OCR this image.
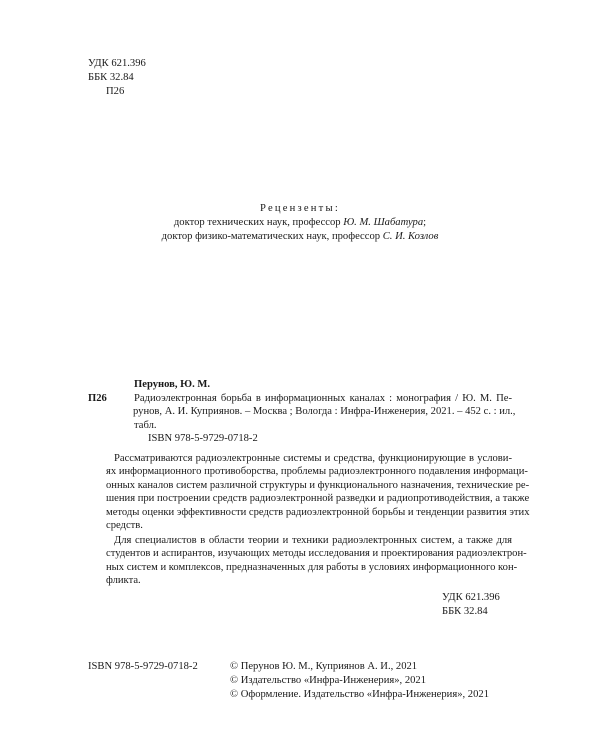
УДК 621.396
ББК 32.84
П26
Рецензенты:
доктор технических наук, профессор Ю. М. Шабатура;
доктор физико-математических наук, профессор С. И. Козлов
Перунов, Ю. М.
П26	Радиоэлектронная борьба в информационных каналах : монография / Ю. М. Пе-
рунов, А. И. Куприянов. – Москва ; Вологда : Инфра-Инженерия, 2021. – 452 с. : ил.,
табл.
ISBN 978-5-9729-0718-2
Рассматриваются радиоэлектронные системы и средства, функционирующие в услови-
ях информационного противоборства, проблемы радиоэлектронного подавления информаци-
онных каналов систем различной структуры и функционального назначения, технические ре-
шения при построении средств радиоэлектронной разведки и радиопротиводействия, а также
методы оценки эффективности средств радиоэлектронной борьбы и тенденции развития этих
средств.
Для специалистов в области теории и техники радиоэлектронных систем, а также для
студентов и аспирантов, изучающих методы исследования и проектирования радиоэлектрон-
ных систем и комплексов, предназначенных для работы в условиях информационного кон-
фликта.
УДК 621.396
ББК 32.84
ISBN 978-5-9729-0718-2	© Перунов Ю. М., Куприянов А. И., 2021
© Издательство «Инфра-Инженерия», 2021
© Оформление. Издательство «Инфра-Инженерия», 2021
